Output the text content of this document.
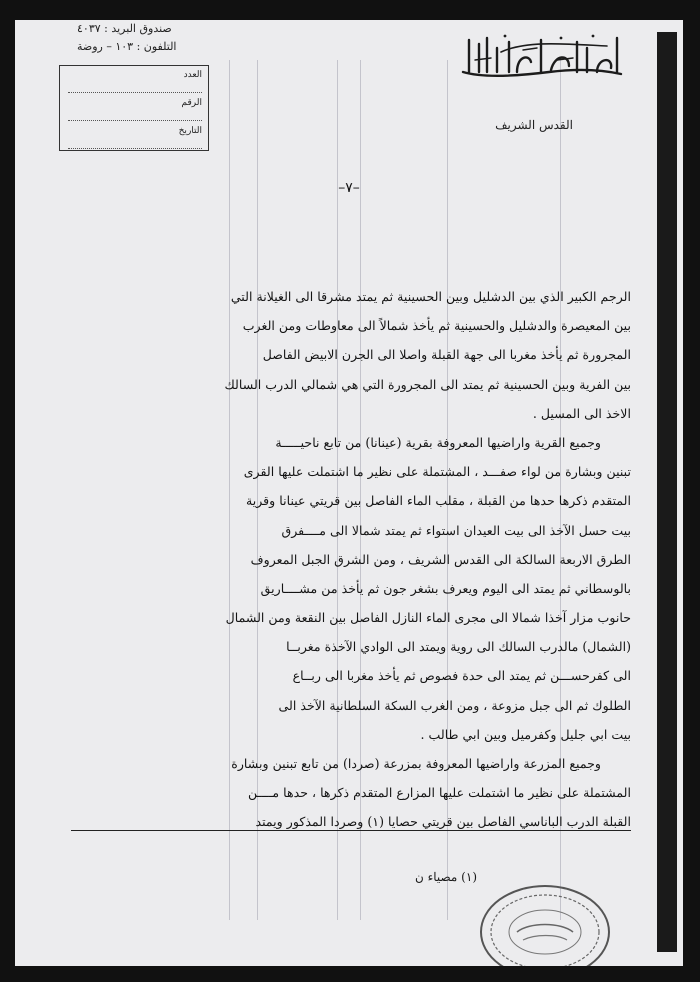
القدس الشريف
صندوق البريد : ٤٠٣٧
التلفون : ١٠٣ – روضة
العدد
الرقم
التاريخ
–٧–
الرجم الكبير الذي بين الدشليل وبين الحسينية ثم يمتد مشرقا الى الغيلانة التي
بين المعيصرة والدشليل والحسينية ثم يأخذ شمالاً الى معاوطات ومن الغرب
المجرورة ثم يأخذ مغربا الى جهة القبلة واصلا الى الجرن الابيض الفاصل
بين الفرية وبين الحسينية ثم يمتد الى المجرورة التي هي شمالي الدرب السالك
الاخذ الى المسيل .
وجميع القرية واراضيها المعروفة بقرية (عينانا) من تابع ناحيـــــة
تبنين وبشارة من لواء صفـــد ، المشتملة على نظير ما اشتملت عليها القرى
المتقدم ذكرها حدها من القبلة ، مقلب الماء الفاصل بين قريتي عينانا وقرية
بيت حسل الآخذ الى بيت العيدان استواء ثم يمتد شمالا الى مــــفرق
الطرق الاربعة السالكة الى القدس الشريف ، ومن الشرق الجبل المعروف
بالوسطاني ثم يمتد الى اليوم ويعرف بشغر جون ثم يأخذ من مشــــاريق
حانوب مزار آخذا شمالا الى مجرى الماء النازل الفاصل بين النقعة ومن الشمال
(الشمال) مالدرب السالك الى روية ويمتد الى الوادي الآخذة مغربــا
الى كفرحســـن ثم يمتد الى حدة فصوص ثم يأخذ مغربا الى ربــاع
الطلوك ثم الى جبل مزوعة ، ومن الغرب السكة السلطانية الآخذ الى
بيت ابي جليل وكفرميل وبين ابي طالب .
وجميع المزرعة واراضيها المعروفة بمزرعة (صردا) من تابع تبنين وبشارة
المشتملة على نظير ما اشتملت عليها المزارع المتقدم ذكرها ، حدها مــــن
القبلة الدرب الباناسي الفاصل بين قريتي حصايا (١) وصردا المذكور ويمتد
(١) مصياء ن
